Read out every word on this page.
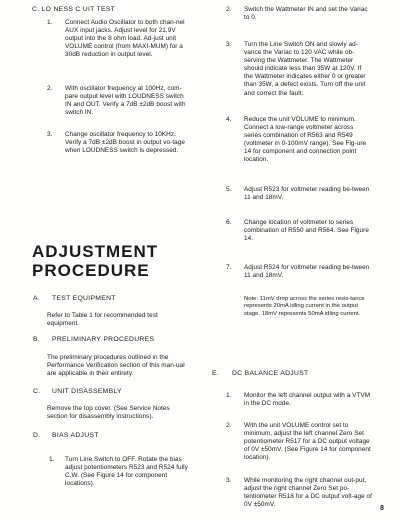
C. LO NESS C UIT TEST
1. Connect Audio Oscillator to both chan-nel AUX input jacks. Adjust level for 21.9V output into the 8 ohm load. Ad-just unit VOLUME control (from MAXI-MUM) for a 30dB reduction in output level.
2. With oscillator frequency at 100Hz, com-pare output level with LOUDNESS switch IN and OUT. Verify a 7dB ±2dB boost with switch IN.
3. Change oscillator frequency to 10KHz. Verify a 7dB ±2dB boost in output vo-tage when LOUDNESS switch is depressed.
ADJUSTMENT
PROCEDURE
A. TEST EQUIPMENT
Refer to Table 1 for recommended test equipment.
B. PRELIMINARY PROCEDURES
The preliminary procedures outlined in the Performance Verification section of this man-ual are applicable in their entirety.
C. UNIT DISASSEMBLY
Remove the top cover. (See Service Notes section for disassembly instructions).
D. BIAS ADJUST
1. Turn Line Switch to OFF. Rotate the bias adjust potentiometers R523 and R524 fully C.W. (See Figure 14 for component locations).
2. Switch the Wattmeter IN and set the Variac to 0.
3. Turn the Line Switch ON and slowly ad-vance the Variac to 120 VAC while ob-serving the Wattmeter. The Wattmeter should indicate less than 35W at 120V. If the Wattmeter indicates either 0 or greater than 35W, a defect exists. Turn off the unit and correct the fault.
4. Reduce the unit VOLUME to minimum. Connect a low-range voltmeter across series combination of R563 and R549 (voltmeter in 0-100mV range). See Fig-ure 14 for component and connection point location.
5. Adjust R523 for voltmeter reading be-tween 11 and 18mV.
6. Change location of voltmeter to series combination of R550 and R564. See Figure 14.
7. Adjust R524 for voltmeter reading be-tween 11 and 18mV.
Note: 11mV drop across the series resis-tance represents 20mA idling current in the output stage. 18mV represents 50mA idling current.
E. DC BALANCE ADJUST
1. Monitor the left channel output with a VTVM in the DC mode.
2. With the unit VOLUME control set to minimum, adjust the left channel Zero Set potentiometer R517 for a DC output voltage of 0V ±50mV. (See Figure 14 for component location).
3. While monitoring the right channel out-put, adjust the right channel Zero Set po-tentiometer R518 for a DC output volt-age of 0V ±50mV.
8
